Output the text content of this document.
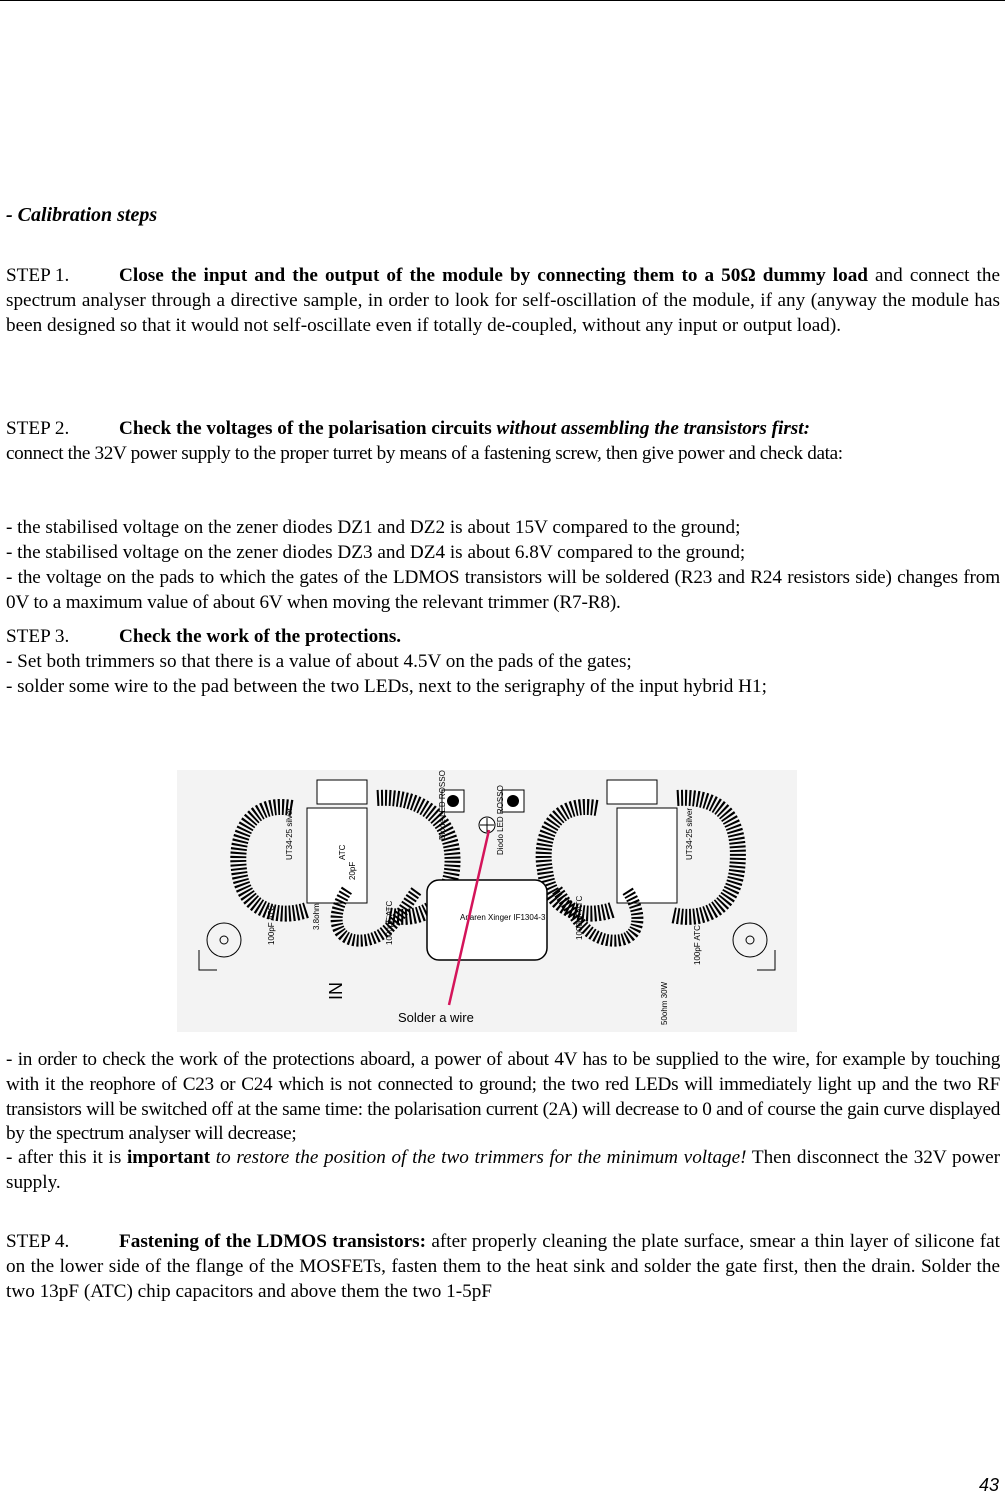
- Calibration steps
STEP 1.	Close the input and the output of the module by connecting them to a 50Ω dummy load and connect the spectrum analyser through a directive sample, in order to look for self-oscillation of the module, if any (anyway the module has been designed so that it would not self-oscillate even if totally de-coupled, without any input or output load).
STEP 2.	Check the voltages of the polarisation circuits without assembling the transistors first:
connect the 32V power supply to the proper turret by means of a fastening screw, then give power and check data:
- the stabilised voltage on the zener diodes DZ1 and DZ2 is about 15V compared to the ground;
- the stabilised voltage on the zener diodes DZ3 and DZ4 is about 6.8V compared to the ground;
- the voltage on the pads to which the gates of the LDMOS transistors will be soldered (R23 and R24 resistors side) changes from 0V to a maximum value of about 6V when moving the relevant trimmer (R7-R8).
STEP 3.	Check the work of the protections.
- Set both trimmers so that there is a value of about 4.5V on the pads of the gates;
- solder some wire to the pad between the two LEDs, next to the serigraphy of the input hybrid H1;
- in order to check the work of the protections aboard, a power of about 4V has to be supplied to the wire, for example by touching with it the reophore of C23 or C24 which is not connected to ground; the two red LEDs will immediately light up and the two RF transistors will be switched off at the same time: the polarisation current (2A) will decrease to 0 and of course the gain curve displayed by the spectrum analyser will decrease;
- after this it is important to restore the position of the two trimmers for the minimum voltage! Then disconnect the 32V power supply.
STEP 4.	Fastening of the LDMOS transistors: after properly cleaning the plate surface, smear a thin layer of silicone fat on the lower side of the flange of the MOSFETs, fasten them to the heat sink and solder the gate first, then the drain. Solder the two 13pF (ATC) chip capacitors and above them the two 1-5pF
Anaren Xinger IF1304-3
Diode LED ROSSO	Diodo LED ROSSO
UT34-25 silver	UT34-25 silver
100pF ATC
100pF ATC
1000pF ATC	1000pF ATC
3.8ohm
ATC
20pF
50ohm 30W
IN
Solder a wire
43
